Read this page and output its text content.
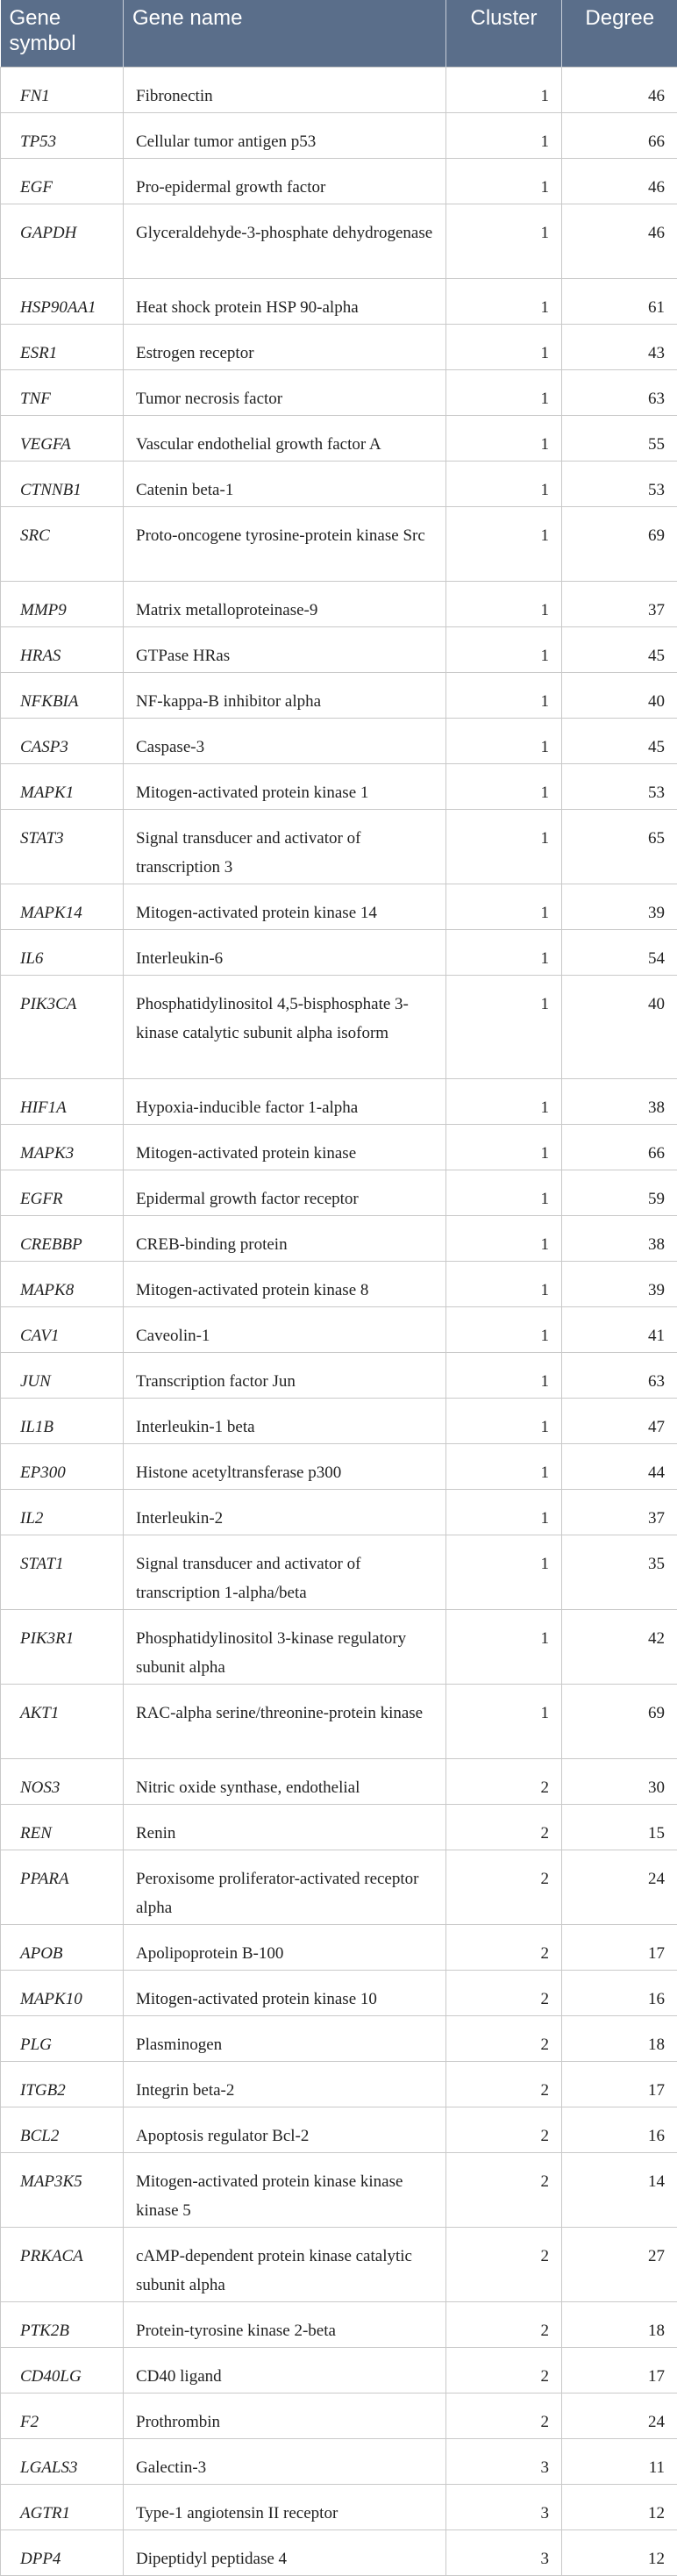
Gene symbol	Gene name	Cluster	Degree
FN1	Fibronectin	1	46
TP53	Cellular tumor antigen p53	1	66
EGF	Pro-epidermal growth factor	1	46
GAPDH	Glyceraldehyde-3-phosphate dehydrogenase	1	46
HSP90AA1	Heat shock protein HSP 90-alpha	1	61
ESR1	Estrogen receptor	1	43
TNF	Tumor necrosis factor	1	63
VEGFA	Vascular endothelial growth factor A	1	55
CTNNB1	Catenin beta-1	1	53
SRC	Proto-oncogene tyrosine-protein kinase Src	1	69
MMP9	Matrix metalloproteinase-9	1	37
HRAS	GTPase HRas	1	45
NFKBIA	NF-kappa-B inhibitor alpha	1	40
CASP3	Caspase-3	1	45
MAPK1	Mitogen-activated protein kinase 1	1	53
STAT3	Signal transducer and activator of transcription 3	1	65
MAPK14	Mitogen-activated protein kinase 14	1	39
IL6	Interleukin-6	1	54
PIK3CA	Phosphatidylinositol 4,5-bisphosphate 3-kinase catalytic subunit alpha isoform	1	40
HIF1A	Hypoxia-inducible factor 1-alpha	1	38
MAPK3	Mitogen-activated protein kinase	1	66
EGFR	Epidermal growth factor receptor	1	59
CREBBP	CREB-binding protein	1	38
MAPK8	Mitogen-activated protein kinase 8	1	39
CAV1	Caveolin-1	1	41
JUN	Transcription factor Jun	1	63
IL1B	Interleukin-1 beta	1	47
EP300	Histone acetyltransferase p300	1	44
IL2	Interleukin-2	1	37
STAT1	Signal transducer and activator of transcription 1-alpha/beta	1	35
PIK3R1	Phosphatidylinositol 3-kinase regulatory subunit alpha	1	42
AKT1	RAC-alpha serine/threonine-protein kinase	1	69
NOS3	Nitric oxide synthase, endothelial	2	30
REN	Renin	2	15
PPARA	Peroxisome proliferator-activated receptor alpha	2	24
APOB	Apolipoprotein B-100	2	17
MAPK10	Mitogen-activated protein kinase 10	2	16
PLG	Plasminogen	2	18
ITGB2	Integrin beta-2	2	17
BCL2	Apoptosis regulator Bcl-2	2	16
MAP3K5	Mitogen-activated protein kinase kinase kinase 5	2	14
PRKACA	cAMP-dependent protein kinase catalytic subunit alpha	2	27
PTK2B	Protein-tyrosine kinase 2-beta	2	18
CD40LG	CD40 ligand	2	17
F2	Prothrombin	2	24
LGALS3	Galectin-3	3	11
AGTR1	Type-1 angiotensin II receptor	3	12
DPP4	Dipeptidyl peptidase 4	3	12
